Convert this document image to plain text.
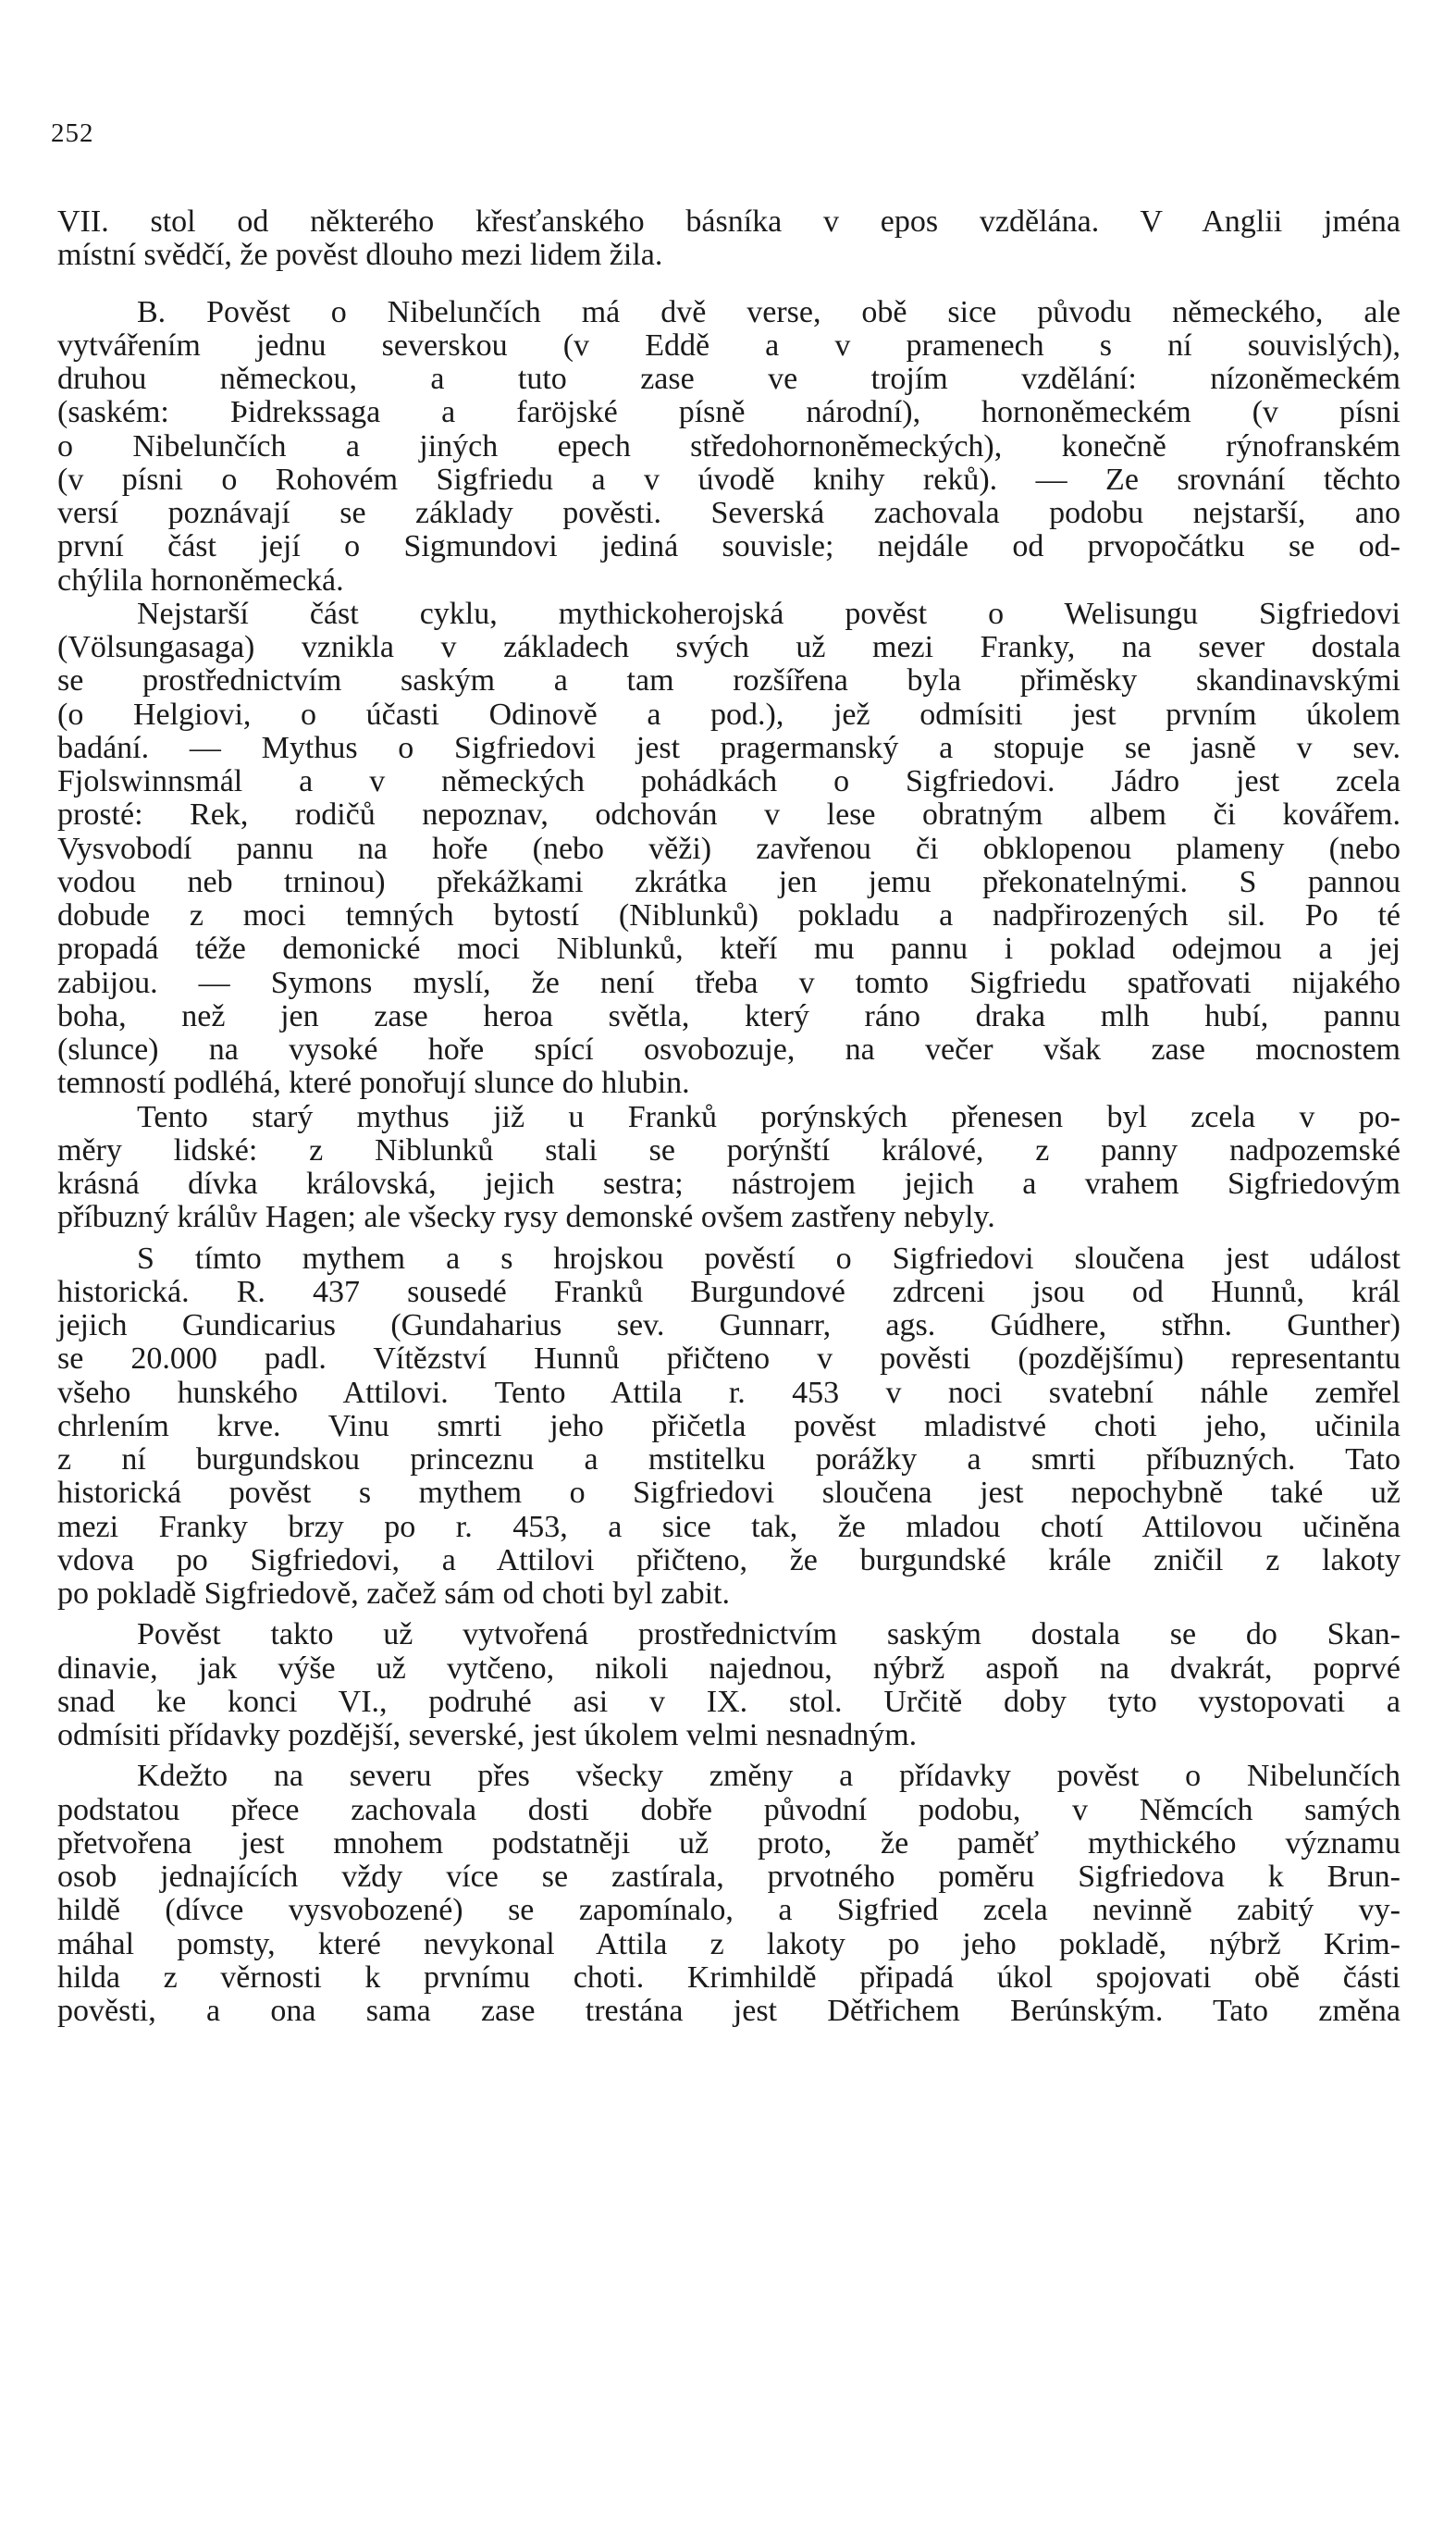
252
VII. stol od některého křesťanského básníka v epos vzdělána. V Anglii jména
místní svědčí, že pověst dlouho mezi lidem žila.
B. Pověst o Nibelunčích má dvě verse, obě sice původu německého, ale
vytvářením jednu severskou (v Eddě a v pramenech s ní souvislých),
druhou německou, a tuto zase ve trojím vzdělání: nízoněmeckém
(saském: Þidrekssaga a faröjské písně národní), hornoněmeckém (v písni
o Nibelunčích a jiných epech středohornoněmeckých), konečně rýnofranském
(v písni o Rohovém Sigfriedu a v úvodě knihy reků). — Ze srovnání těchto
versí poznávají se základy pověsti. Severská zachovala podobu nejstarší, ano
první část její o Sigmundovi jediná souvisle; nejdále od prvopočátku se od-
chýlila hornoněmecká.
Nejstarší část cyklu, mythickoherojská pověst o Welisungu Sigfriedovi
(Völsungasaga) vznikla v základech svých už mezi Franky, na sever dostala
se prostřednictvím saským a tam rozšířena byla přiměsky skandinavskými
(o Helgiovi, o účasti Odinově a pod.), jež odmísiti jest prvním úkolem
badání. — Mythus o Sigfriedovi jest pragermanský a stopuje se jasně v sev.
Fjolswinnsmál a v německých pohádkách o Sigfriedovi. Jádro jest zcela
prosté: Rek, rodičů nepoznav, odchován v lese obratným albem či kovářem.
Vysvobodí pannu na hoře (nebo věži) zavřenou či obklopenou plameny (nebo
vodou neb trninou) překážkami zkrátka jen jemu překonatelnými. S pannou
dobude z moci temných bytostí (Niblunků) pokladu a nadpřirozených sil. Po té
propadá téže demonické moci Niblunků, kteří mu pannu i poklad odejmou a jej
zabijou. — Symons myslí, že není třeba v tomto Sigfriedu spatřovati nijakého
boha, než jen zase heroa světla, který ráno draka mlh hubí, pannu
(slunce) na vysoké hoře spící osvobozuje, na večer však zase mocnostem
temností podléhá, které ponořují slunce do hlubin.
Tento starý mythus již u Franků porýnských přenesen byl zcela v po-
měry lidské: z Niblunků stali se porýnští králové, z panny nadpozemské
krásná dívka královská, jejich sestra; nástrojem jejich a vrahem Sigfriedovým
příbuzný králův Hagen; ale všecky rysy demonské ovšem zastřeny nebyly.
S tímto mythem a s hrojskou pověstí o Sigfriedovi sloučena jest událost
historická. R. 437 sousedé Franků Burgundové zdrceni jsou od Hunnů, král
jejich Gundicarius (Gundaharius sev. Gunnarr, ags. Gúdhere, střhn. Gunther)
se 20.000 padl. Vítězství Hunnů přičteno v pověsti (pozdějšímu) representantu
všeho hunského Attilovi. Tento Attila r. 453 v noci svatební náhle zemřel
chrlením krve. Vinu smrti jeho přičetla pověst mladistvé choti jeho, učinila
z ní burgundskou princeznu a mstitelku porážky a smrti příbuzných. Tato
historická pověst s mythem o Sigfriedovi sloučena jest nepochybně také už
mezi Franky brzy po r. 453, a sice tak, že mladou chotí Attilovou učiněna
vdova po Sigfriedovi, a Attilovi přičteno, že burgundské krále zničil z lakoty
po pokladě Sigfriedově, začež sám od choti byl zabit.
Pověst takto už vytvořená prostřednictvím saským dostala se do Skan-
dinavie, jak výše už vytčeno, nikoli najednou, nýbrž aspoň na dvakrát, poprvé
snad ke konci VI., podruhé asi v IX. stol. Určitě doby tyto vystopovati a
odmísiti přídavky pozdější, severské, jest úkolem velmi nesnadným.
Kdežto na severu přes všecky změny a přídavky pověst o Nibelunčích
podstatou přece zachovala dosti dobře původní podobu, v Němcích samých
přetvořena jest mnohem podstatněji už proto, že paměť mythického významu
osob jednajících vždy více se zastírala, prvotného poměru Sigfriedova k Brun-
hildě (dívce vysvobozené) se zapomínalo, a Sigfried zcela nevinně zabitý vy-
máhal pomsty, které nevykonal Attila z lakoty po jeho pokladě, nýbrž Krim-
hilda z věrnosti k prvnímu choti. Krimhildě připadá úkol spojovati obě části
pověsti, a ona sama zase trestána jest Dětřichem Berúnským. Tato změna
